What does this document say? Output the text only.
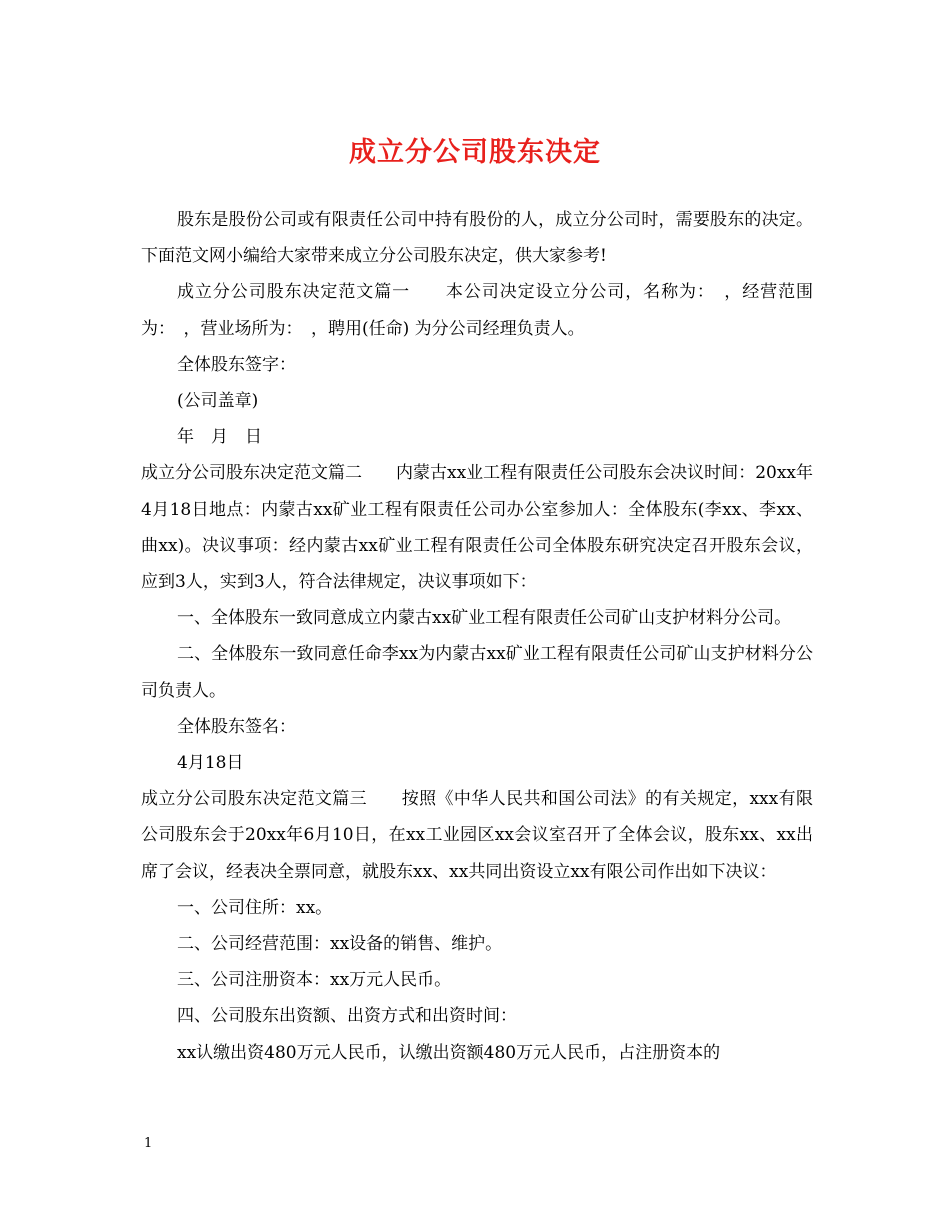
成立分公司股东决定

股东是股份公司或有限责任公司中持有股份的人，成立分公司时，需要股东的决定。下面范文网小编给大家带来成立分公司股东决定，供大家参考!

成立分公司股东决定范文篇一　　本公司决定设立分公司，名称为：　，经营范围为：　，营业场所为：　，聘用(任命) 为分公司经理负责人。

全体股东签字：

(公司盖章)

年　月　日

成立分公司股东决定范文篇二　　内蒙古xx业工程有限责任公司股东会决议时间：20xx年4月18日地点：内蒙古xx矿业工程有限责任公司办公室参加人：全体股东(李xx、李xx、曲xx)。决议事项：经内蒙古xx矿业工程有限责任公司全体股东研究决定召开股东会议，应到3人，实到3人，符合法律规定，决议事项如下：

一、全体股东一致同意成立内蒙古xx矿业工程有限责任公司矿山支护材料分公司。

二、全体股东一致同意任命李xx为内蒙古xx矿业工程有限责任公司矿山支护材料分公司负责人。

全体股东签名：

4月18日

成立分公司股东决定范文篇三　　按照《中华人民共和国公司法》的有关规定，xxx有限公司股东会于20xx年6月10日，在xx工业园区xx会议室召开了全体会议，股东xx、xx出席了会议，经表决全票同意，就股东xx、xx共同出资设立xx有限公司作出如下决议：

一、公司住所：xx。

二、公司经营范围：xx设备的销售、维护。

三、公司注册资本：xx万元人民币。

四、公司股东出资额、出资方式和出资时间：

xx认缴出资480万元人民币，认缴出资额480万元人民币，占注册资本的

1
